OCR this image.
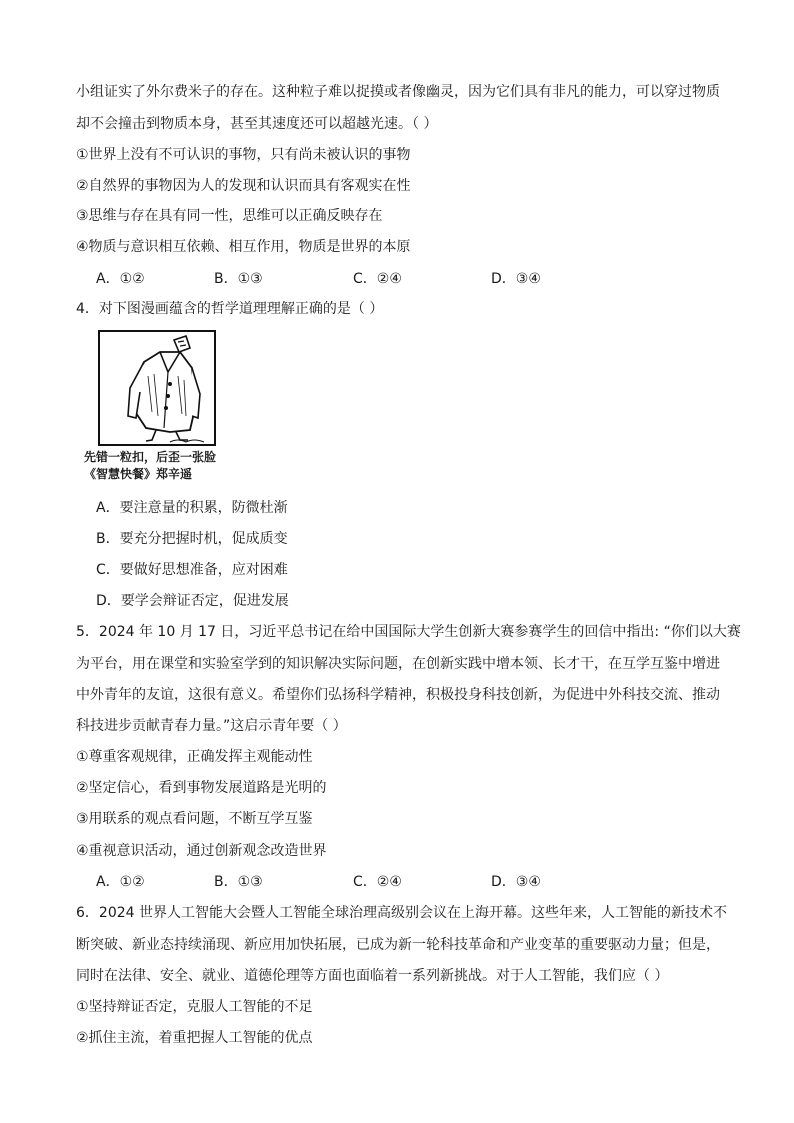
小组证实了外尔费米子的存在。这种粒子难以捉摸或者像幽灵，因为它们具有非凡的能力，可以穿过物质
却不会撞击到物质本身，甚至其速度还可以超越光速。（ ）
①世界上没有不可认识的事物，只有尚未被认识的事物
②自然界的事物因为人的发现和认识而具有客观实在性
③思维与存在具有同一性，思维可以正确反映存在
④物质与意识相互依赖、相互作用，物质是世界的本原
A．①②	B．①③	C．②④	D．③④
4．对下图漫画蕴含的哲学道理理解正确的是（ ）
先错一粒扣，后歪一张脸
《智慧快餐》郑辛遥
A．要注意量的积累，防微杜渐
B．要充分把握时机，促成质变
C．要做好思想准备，应对困难
D．要学会辩证否定，促进发展
5．2024 年 10 月 17 日，习近平总书记在给中国国际大学生创新大赛参赛学生的回信中指出: “你们以大赛
为平台，用在课堂和实验室学到的知识解决实际问题，在创新实践中增本领、长才干，在互学互鉴中增进
中外青年的友谊，这很有意义。希望你们弘扬科学精神，积极投身科技创新，为促进中外科技交流、推动
科技进步贡献青春力量。”这启示青年要（ ）
①尊重客观规律，正确发挥主观能动性
②坚定信心，看到事物发展道路是光明的
③用联系的观点看问题，不断互学互鉴
④重视意识活动，通过创新观念改造世界
A．①②	B．①③	C．②④	D．③④
6．2024 世界人工智能大会暨人工智能全球治理高级别会议在上海开幕。这些年来，人工智能的新技术不
断突破、新业态持续涌现、新应用加快拓展，已成为新一轮科技革命和产业变革的重要驱动力量；但是，
同时在法律、安全、就业、道德伦理等方面也面临着一系列新挑战。对于人工智能，我们应（ ）
①坚持辩证否定，克服人工智能的不足
②抓住主流，着重把握人工智能的优点
